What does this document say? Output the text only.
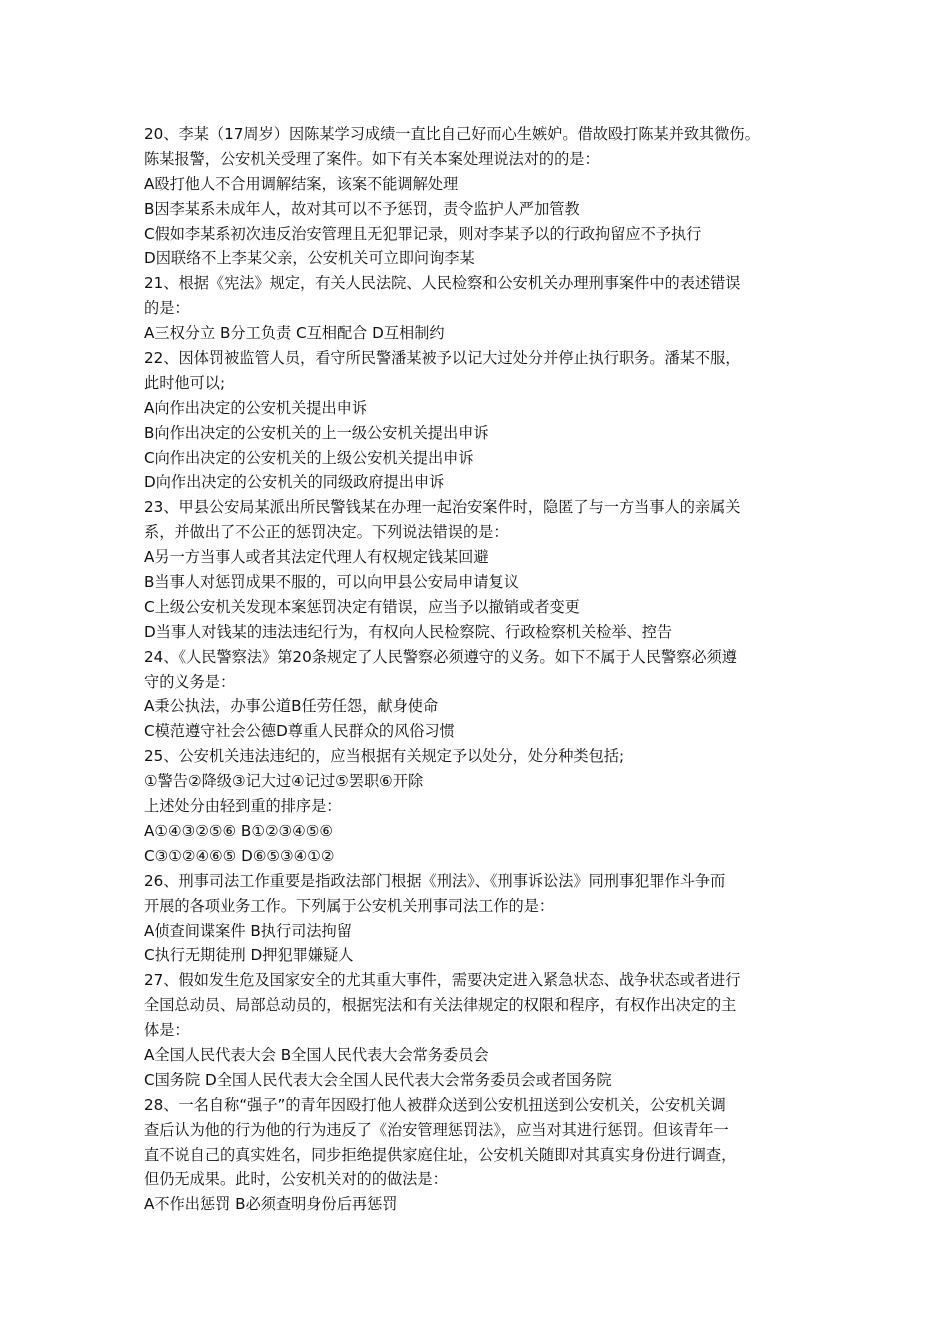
20、李某（17周岁）因陈某学习成绩一直比自己好而心生嫉妒。借故殴打陈某并致其微伤。
陈某报警，公安机关受理了案件。如下有关本案处理说法对的的是：
A殴打他人不合用调解结案，该案不能调解处理
B因李某系未成年人，故对其可以不予惩罚，责令监护人严加管教
C假如李某系初次违反治安管理且无犯罪记录，则对李某予以的行政拘留应不予执行
D因联络不上李某父亲，公安机关可立即问询李某
21、根据《宪法》规定，有关人民法院、人民检察和公安机关办理刑事案件中的表述错误
的是：
A三权分立 B分工负责 C互相配合 D互相制约
22、因体罚被监管人员，看守所民警潘某被予以记大过处分并停止执行职务。潘某不服，
此时他可以;
A向作出决定的公安机关提出申诉
B向作出决定的公安机关的上一级公安机关提出申诉
C向作出决定的公安机关的上级公安机关提出申诉
D向作出决定的公安机关的同级政府提出申诉
23、甲县公安局某派出所民警钱某在办理一起治安案件时，隐匿了与一方当事人的亲属关
系，并做出了不公正的惩罚决定。下列说法错误的是：
A另一方当事人或者其法定代理人有权规定钱某回避
B当事人对惩罚成果不服的，可以向甲县公安局申请复议
C上级公安机关发现本案惩罚决定有错误，应当予以撤销或者变更
D当事人对钱某的违法违纪行为，有权向人民检察院、行政检察机关检举、控告
24、《人民警察法》第20条规定了人民警察必须遵守的义务。如下不属于人民警察必须遵
守的义务是：
A秉公执法，办事公道B任劳任怨，献身使命
C模范遵守社会公德D尊重人民群众的风俗习惯
25、公安机关违法违纪的，应当根据有关规定予以处分，处分种类包括;
①警告②降级③记大过④记过⑤罢职⑥开除
上述处分由轻到重的排序是：
A①④③②⑤⑥ B①②③④⑤⑥
C③①②④⑥⑤ D⑥⑤③④①②
26、刑事司法工作重要是指政法部门根据《刑法》、《刑事诉讼法》同刑事犯罪作斗争而
开展的各项业务工作。下列属于公安机关刑事司法工作的是：
A侦查间谍案件 B执行司法拘留
C执行无期徒刑 D押犯罪嫌疑人
27、假如发生危及国家安全的尤其重大事件，需要决定进入紧急状态、战争状态或者进行
全国总动员、局部总动员的，根据宪法和有关法律规定的权限和程序，有权作出决定的主
体是：
A全国人民代表大会 B全国人民代表大会常务委员会
C国务院 D全国人民代表大会全国人民代表大会常务委员会或者国务院
28、一名自称“强子”的青年因殴打他人被群众送到公安机扭送到公安机关，公安机关调
查后认为他的行为他的行为违反了《治安管理惩罚法》，应当对其进行惩罚。但该青年一
直不说自己的真实姓名，同步拒绝提供家庭住址，公安机关随即对其真实身份进行调查，
但仍无成果。此时，公安机关对的的做法是：
A不作出惩罚 B必须查明身份后再惩罚
